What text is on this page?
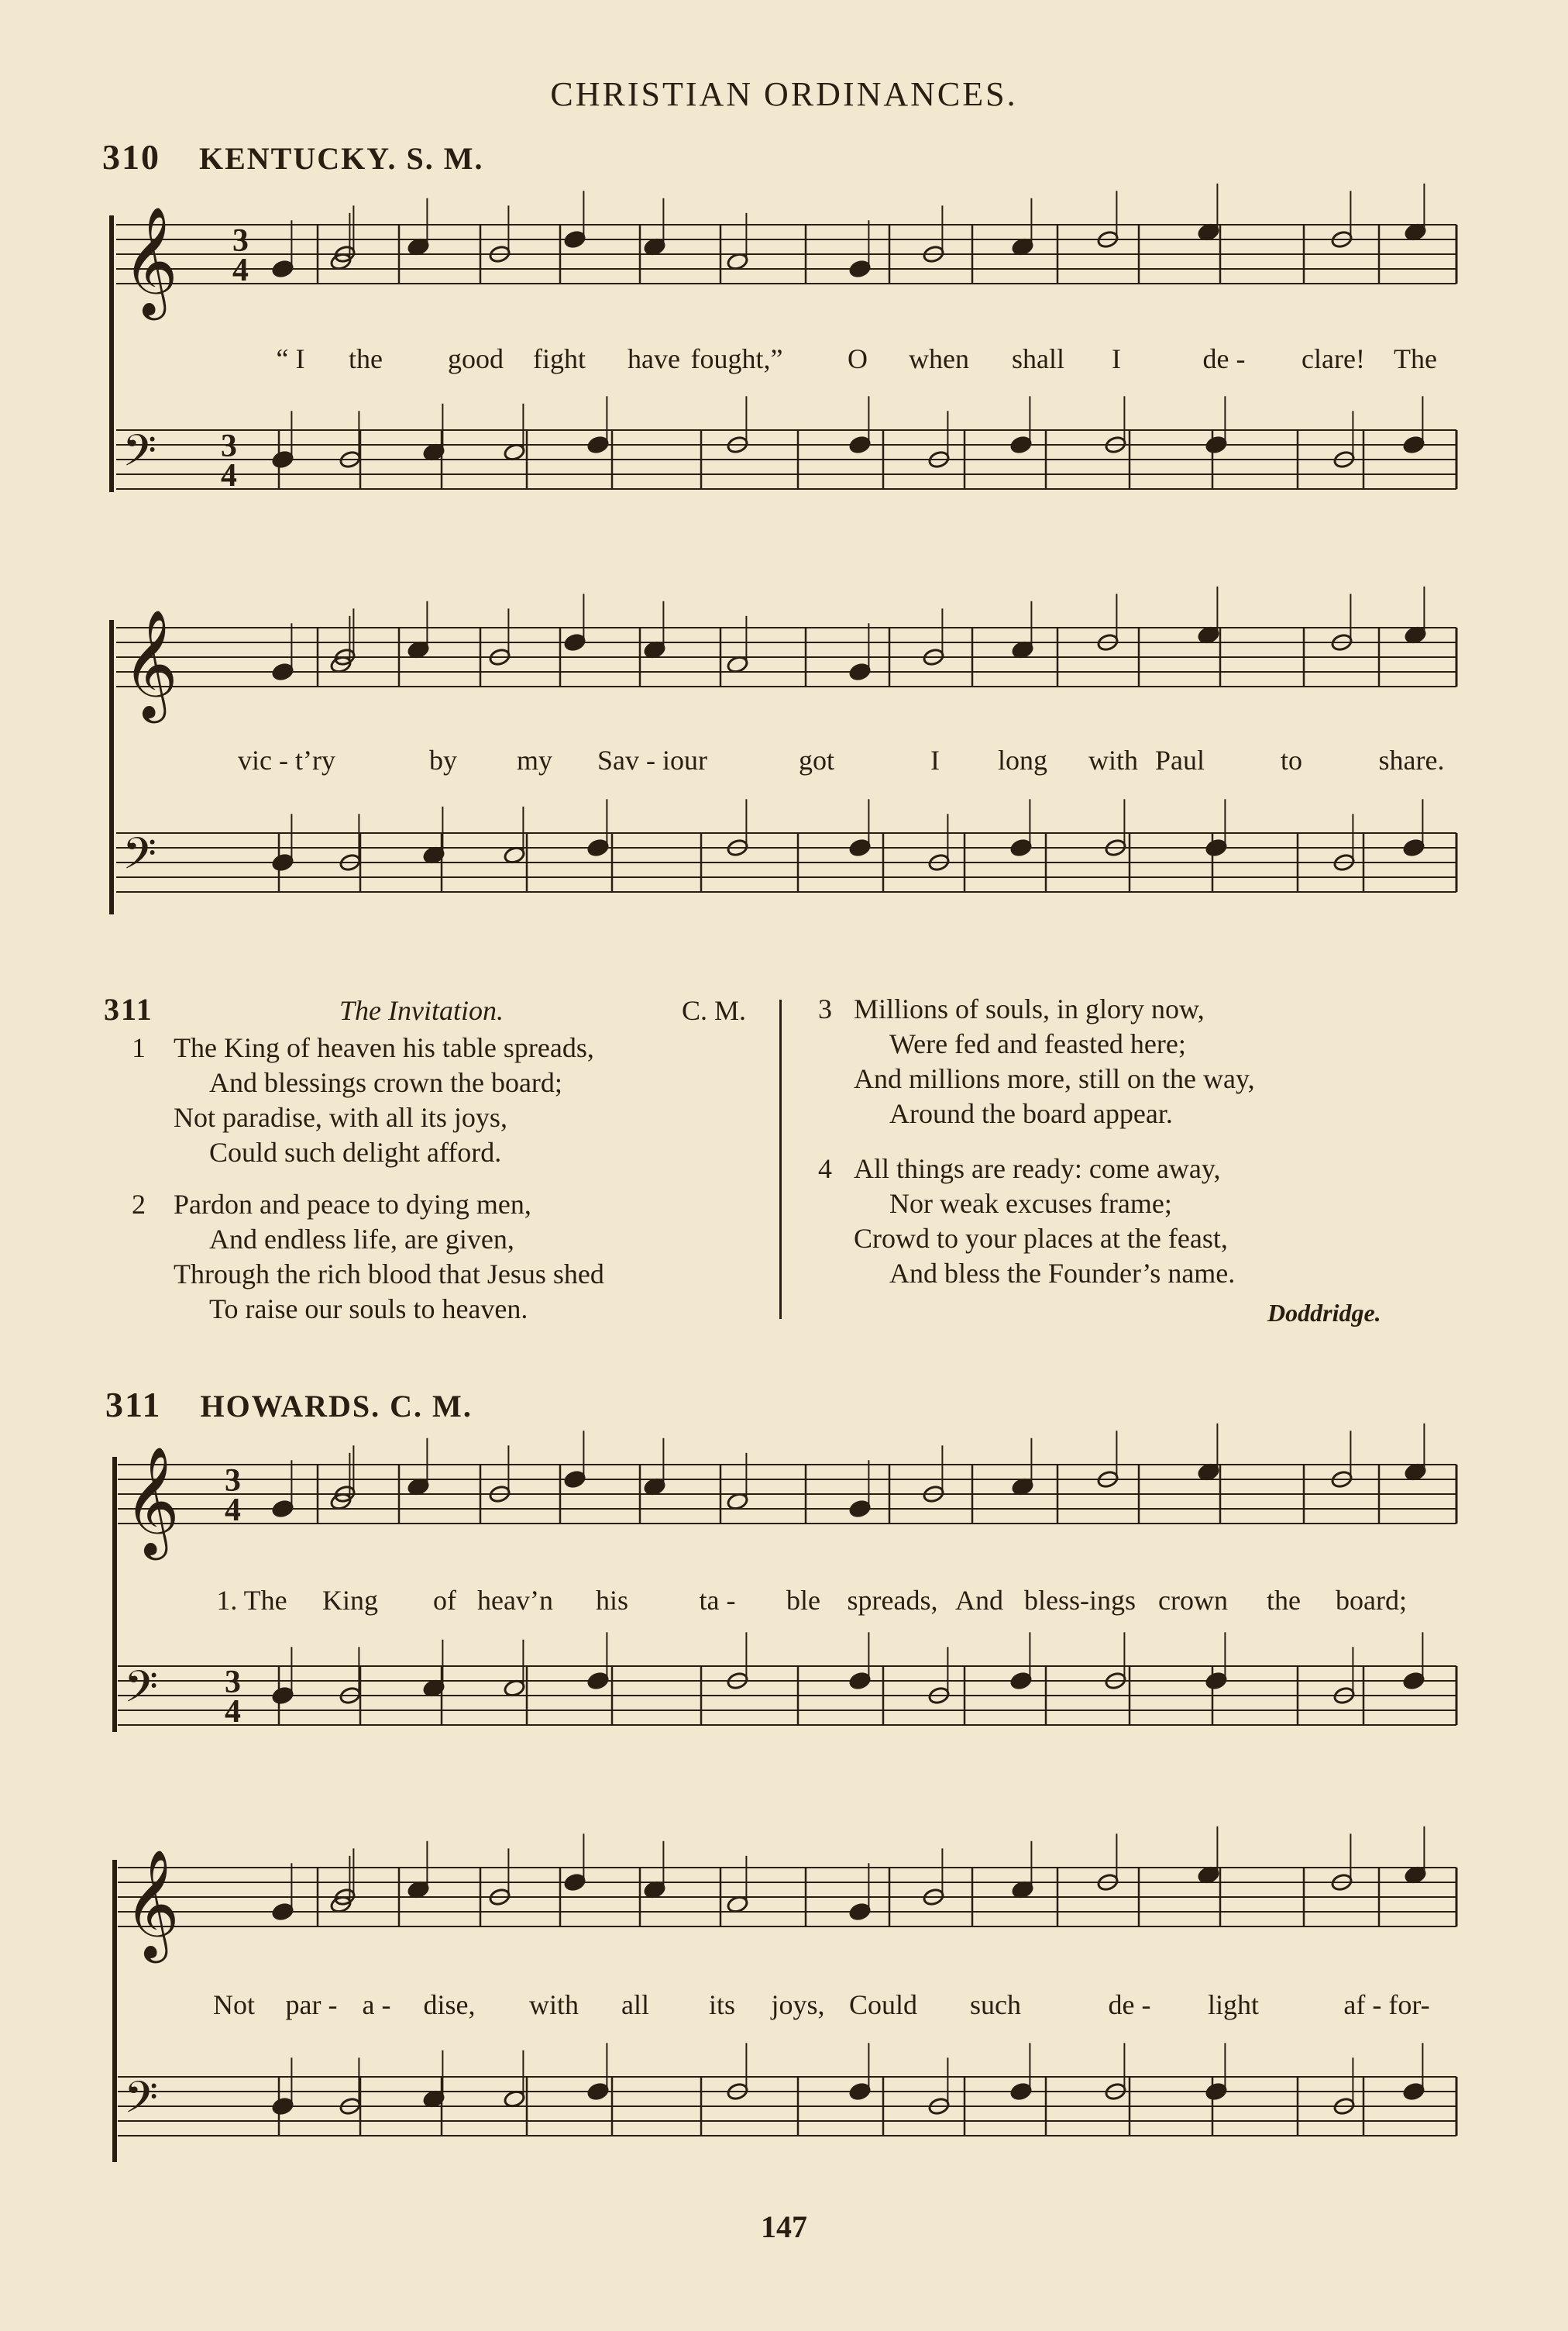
CHRISTIAN ORDINANCES.
310 KENTUCKY. S. M.
𝄞
𝄢
3
4
3
4
𝄞
𝄢
𝄞
𝄢
3
4
3
4
𝄞
𝄢
“ I the good fight have fought,” O when shall I	de - clare! The
vic - t’ry	by my Sav - iour	got	I long with Paul	to	share.
311	The Invitation.	C. M.
1 The King of heaven his table spreads,
And blessings crown the board;
Not paradise, with all its joys,
Could such delight afford.
2 Pardon and peace to dying men,
And endless life, are given,
Through the rich blood that Jesus shed
To raise our souls to heaven.
3 Millions of souls, in glory now,
Were fed and feasted here;
And millions more, still on the way,
Around the board appear.
4 All things are ready: come away,
Nor weak excuses frame;
Crowd to your places at the feast,
And bless the Founder’s name.
Doddridge.
311 HOWARDS. C. M.
1. The King of heav’n his	ta - ble spreads, And bless-ings crown the board;
Not par - a - dise, with all its joys, Could such	de - light	af - for-
147
